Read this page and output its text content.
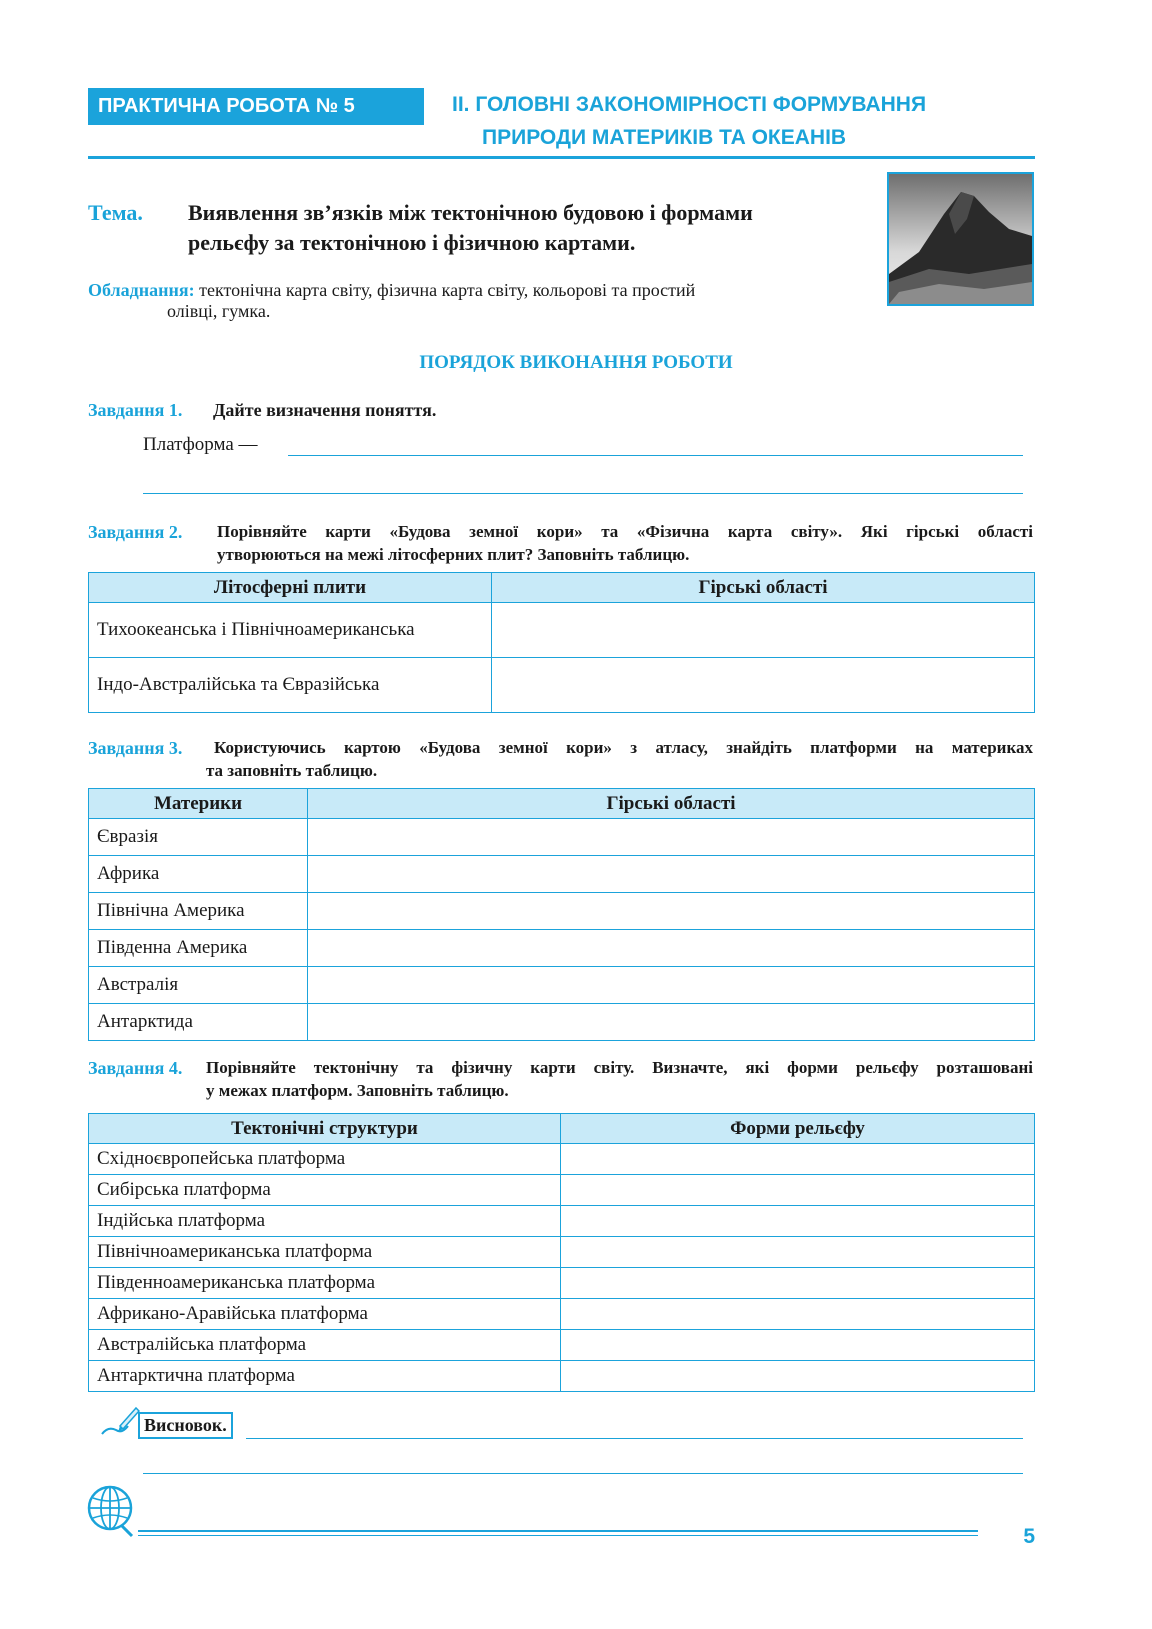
ПРАКТИЧНА РОБОТА № 5	II. ГОЛОВНІ ЗАКОНОМІРНОСТІ ФОРМУВАННЯ
ПРИРОДИ МАТЕРИКІВ ТА ОКЕАНІВ
Тема. Виявлення зв’язків між тектонічною будовою і формами
рельєфу за тектонічною і фізичною картами.
Обладнання: тектонічна карта світу, фізична карта світу, кольорові та простий
олівці, гумка.
ПОРЯДОК ВИКОНАННЯ РОБОТИ
Завдання 1. Дайте визначення поняття.
Платформа —
Завдання 2. Порівняйте карти «Будова земної кори» та «Фізична карта світу». Які гірські області
утворюються на межі літосферних плит? Заповніть таблицю.
Літосферні плити	Гірські області
Тихоокеанська і Північноамериканська	
Індо-Австралійська та Євразійська	
Завдання 3. Користуючись картою «Будова земної кори» з атласу, знайдіть платформи на материках
та заповніть таблицю.
Материки	Гірські області
Євразія	
Африка	
Північна Америка	
Південна Америка	
Австралія	
Антарктида	
Завдання 4. Порівняйте тектонічну та фізичну карти світу. Визначте, які форми рельєфу розташовані
у межах платформ. Заповніть таблицю.
Тектонічні структури	Форми рельєфу
Східноєвропейська платформа	
Сибірська платформа	
Індійська платформа	
Північноамериканська платформа	
Південноамериканська платформа	
Африкано-Аравійська платформа	
Австралійська платформа	
Антарктична платформа	
Висновок.
5
